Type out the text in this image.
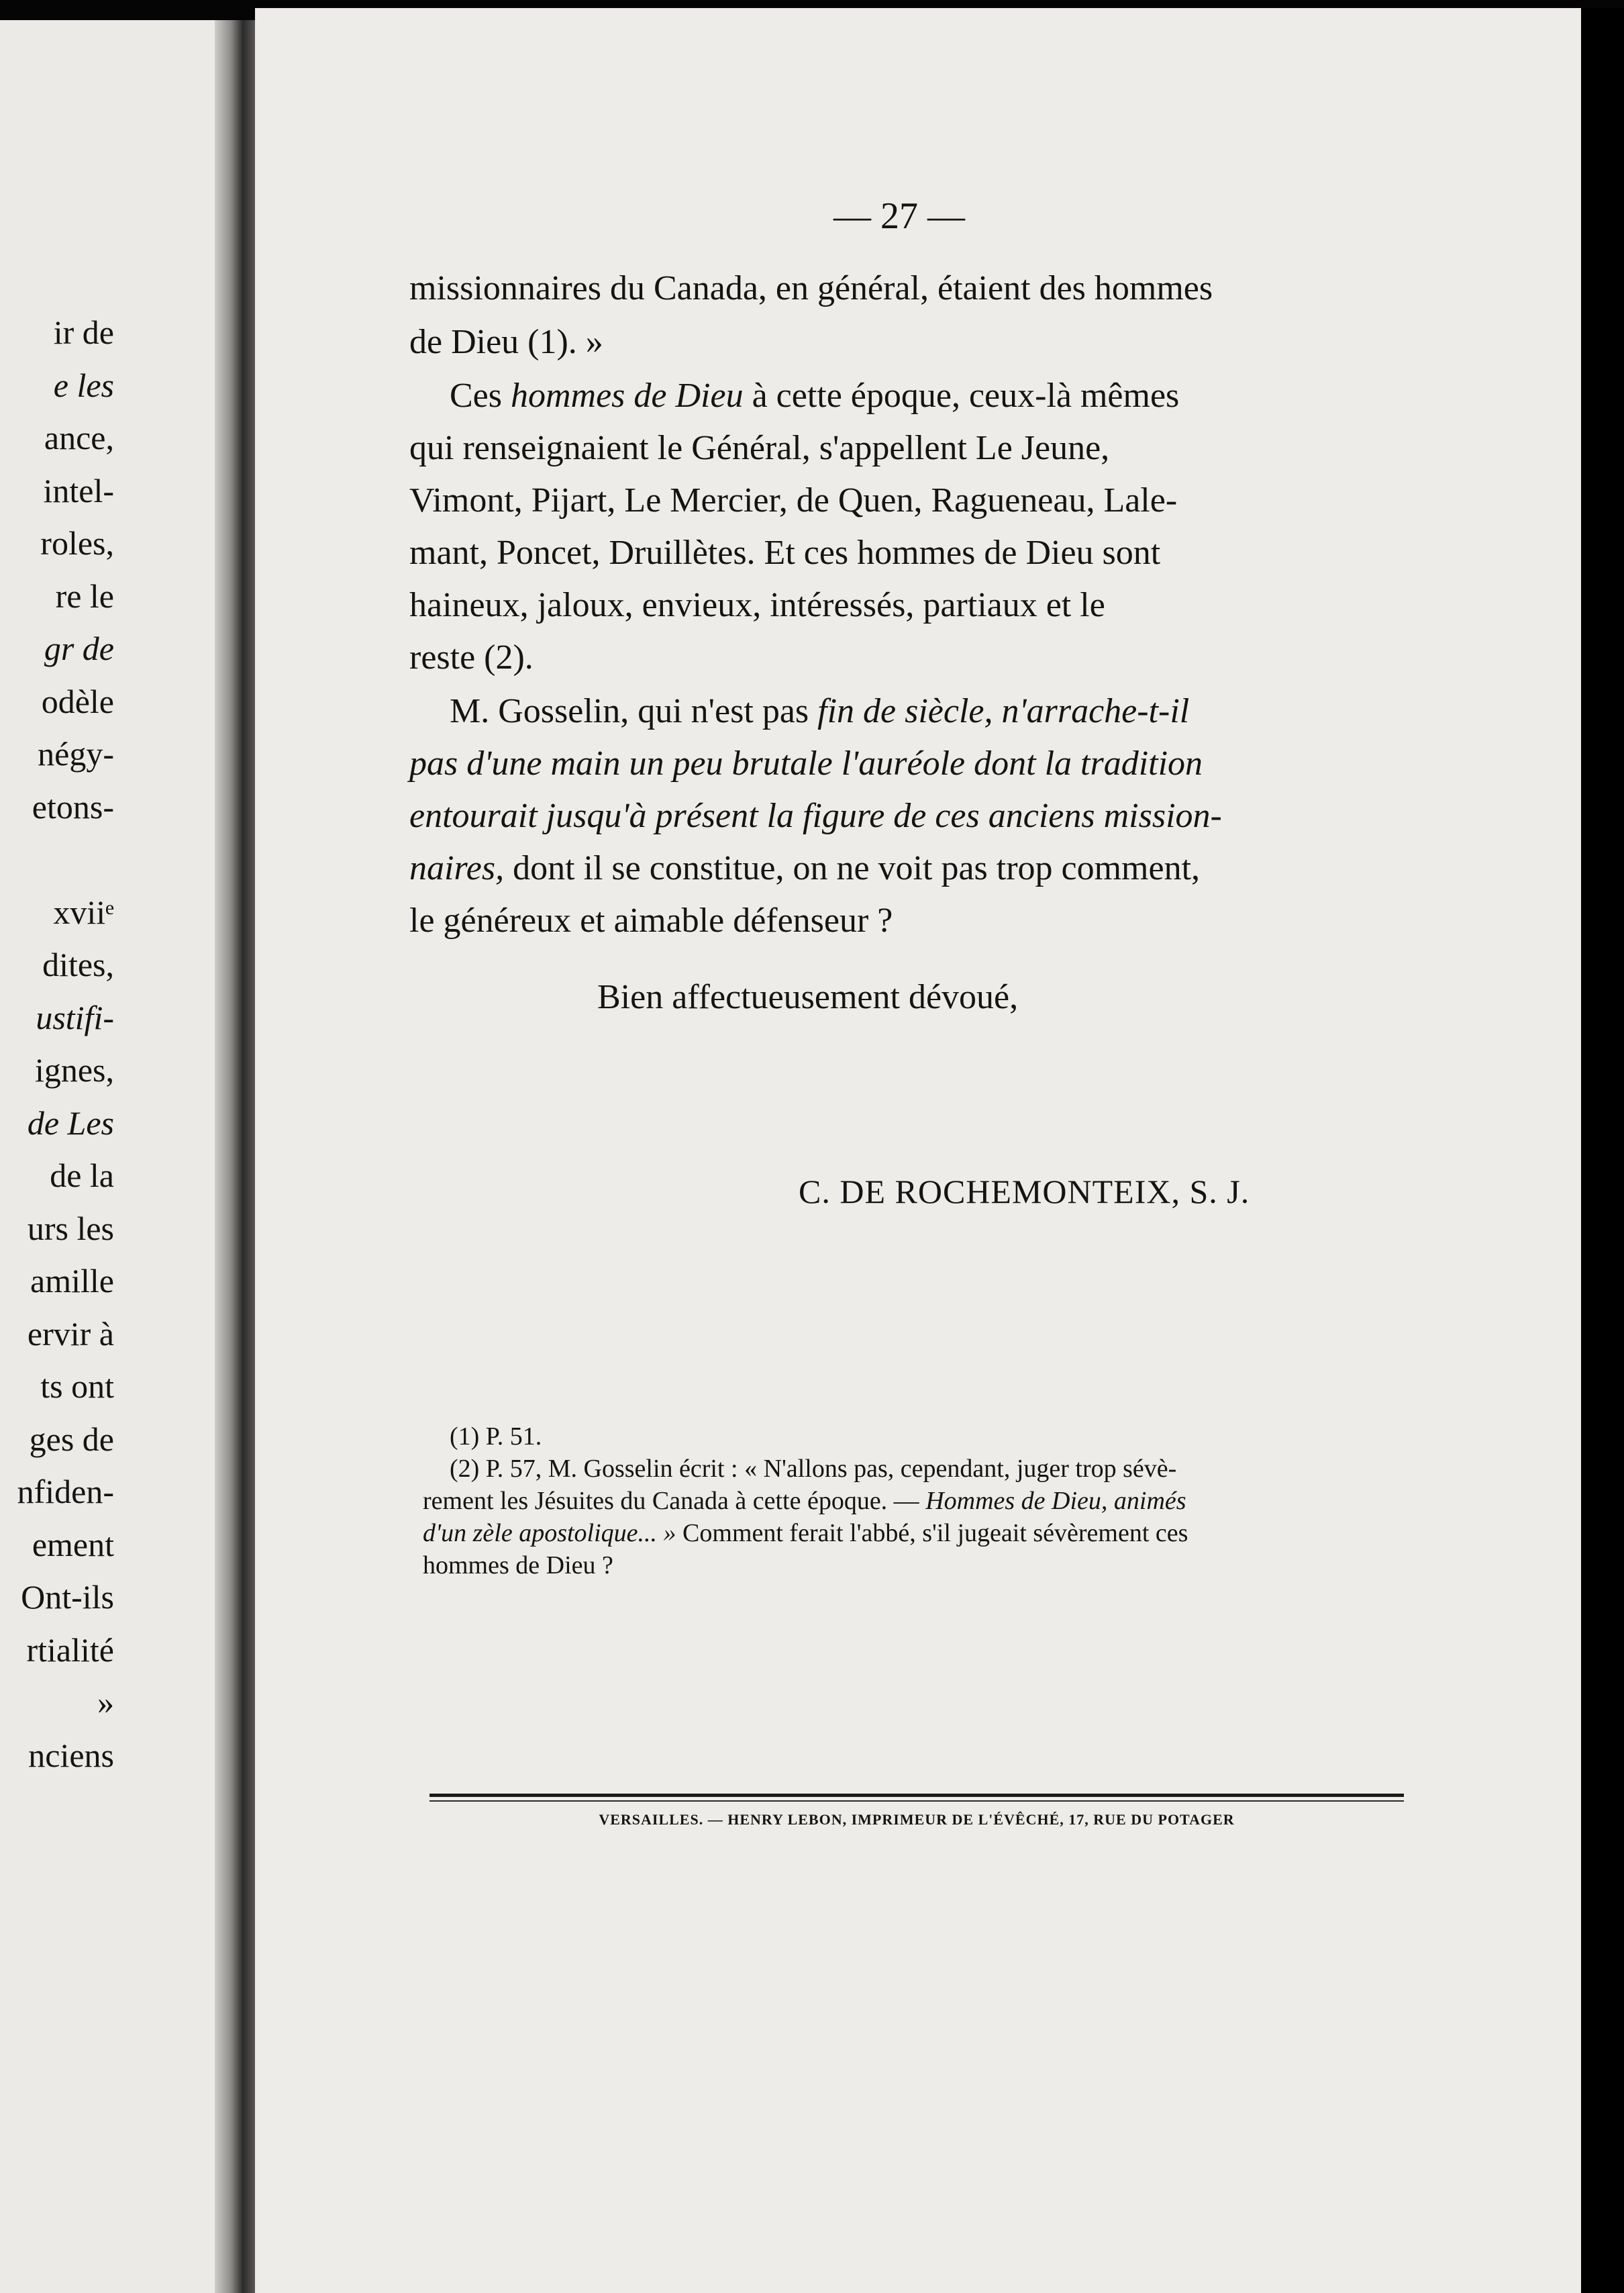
ir de
e les
ance,
intel-
roles,
re le
gr de
odèle
négy-
etons-
xviiᵉ
dites,
ustifi-
ignes,
de Les
de la
urs les
amille
ervir à
ts ont
ges de
nfiden-
ement
Ont-ils
rtialité
»
nciens
— 27 —
missionnaires du Canada, en général, étaient des hommes
de Dieu (1). »
Ces hommes de Dieu à cette époque, ceux-là mêmes
qui renseignaient le Général, s'appellent Le Jeune,
Vimont, Pijart, Le Mercier, de Quen, Ragueneau, Lale-
mant, Poncet, Druillètes. Et ces hommes de Dieu sont
haineux, jaloux, envieux, intéressés, partiaux et le
reste (2).
M. Gosselin, qui n'est pas fin de siècle, n'arrache-t-il
pas d'une main un peu brutale l'auréole dont la tradition
entourait jusqu'à présent la figure de ces anciens mission-
naires, dont il se constitue, on ne voit pas trop comment,
le généreux et aimable défenseur ?
Bien affectueusement dévoué,
C. DE ROCHEMONTEIX, S. J.
(1) P. 51.
(2) P. 57, M. Gosselin écrit : « N'allons pas, cependant, juger trop sévè-
rement les Jésuites du Canada à cette époque. — Hommes de Dieu, animés
d'un zèle apostolique... » Comment ferait l'abbé, s'il jugeait sévèrement ces
hommes de Dieu ?
VERSAILLES. — HENRY LEBON, IMPRIMEUR DE L'ÉVÊCHÉ, 17, RUE DU POTAGER
